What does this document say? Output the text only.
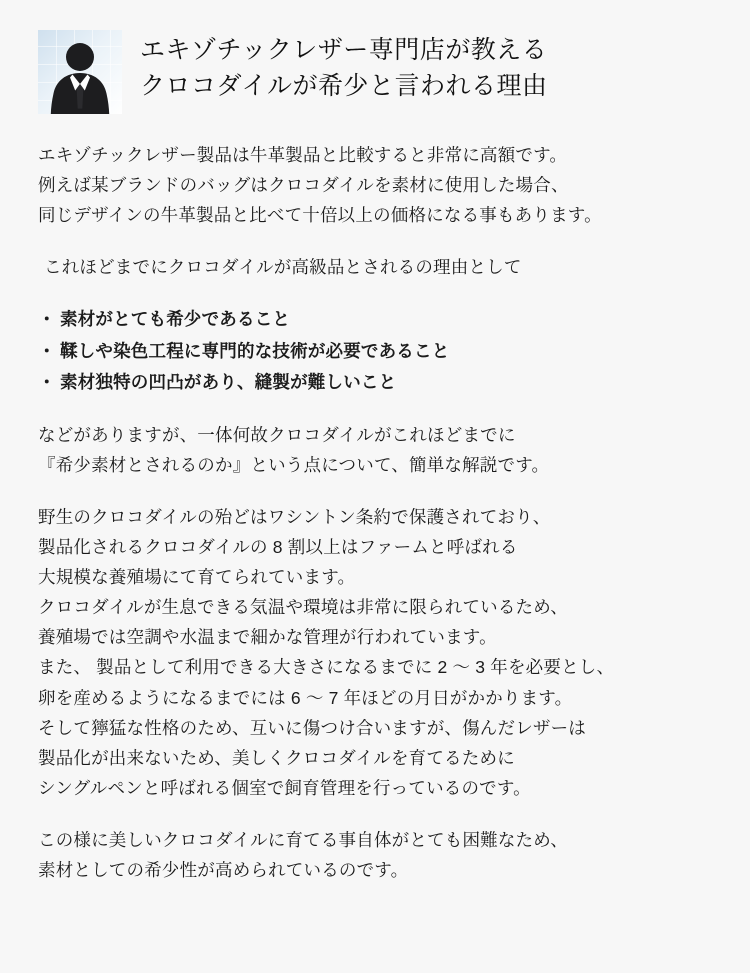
エキゾチックレザー専門店が教える
クロコダイルが希少と言われる理由

エキゾチックレザー製品は牛革製品と比較すると非常に高額です。
例えば某ブランドのバッグはクロコダイルを素材に使用した場合、
同じデザインの牛革製品と比べて十倍以上の価格になる事もあります。

これほどまでにクロコダイルが高級品とされるの理由として

・ 素材がとても希少であること
・ 鞣しや染色工程に専門的な技術が必要であること
・ 素材独特の凹凸があり、縫製が難しいこと

などがありますが、一体何故クロコダイルがこれほどまでに
『希少素材とされるのか』という点について、簡単な解説です。

野生のクロコダイルの殆どはワシントン条約で保護されており、
製品化されるクロコダイルの 8 割以上はファームと呼ばれる
大規模な養殖場にて育てられています。
クロコダイルが生息できる気温や環境は非常に限られているため、
養殖場では空調や水温まで細かな管理が行われています。
また、 製品として利用できる大きさになるまでに 2 〜 3 年を必要とし、
卵を産めるようになるまでには 6 〜 7 年ほどの月日がかかります。
そして獰猛な性格のため、互いに傷つけ合いますが、傷んだレザーは
製品化が出来ないため、美しくクロコダイルを育てるために
シングルペンと呼ばれる個室で飼育管理を行っているのです。

この様に美しいクロコダイルに育てる事自体がとても困難なため、
素材としての希少性が高められているのです。
